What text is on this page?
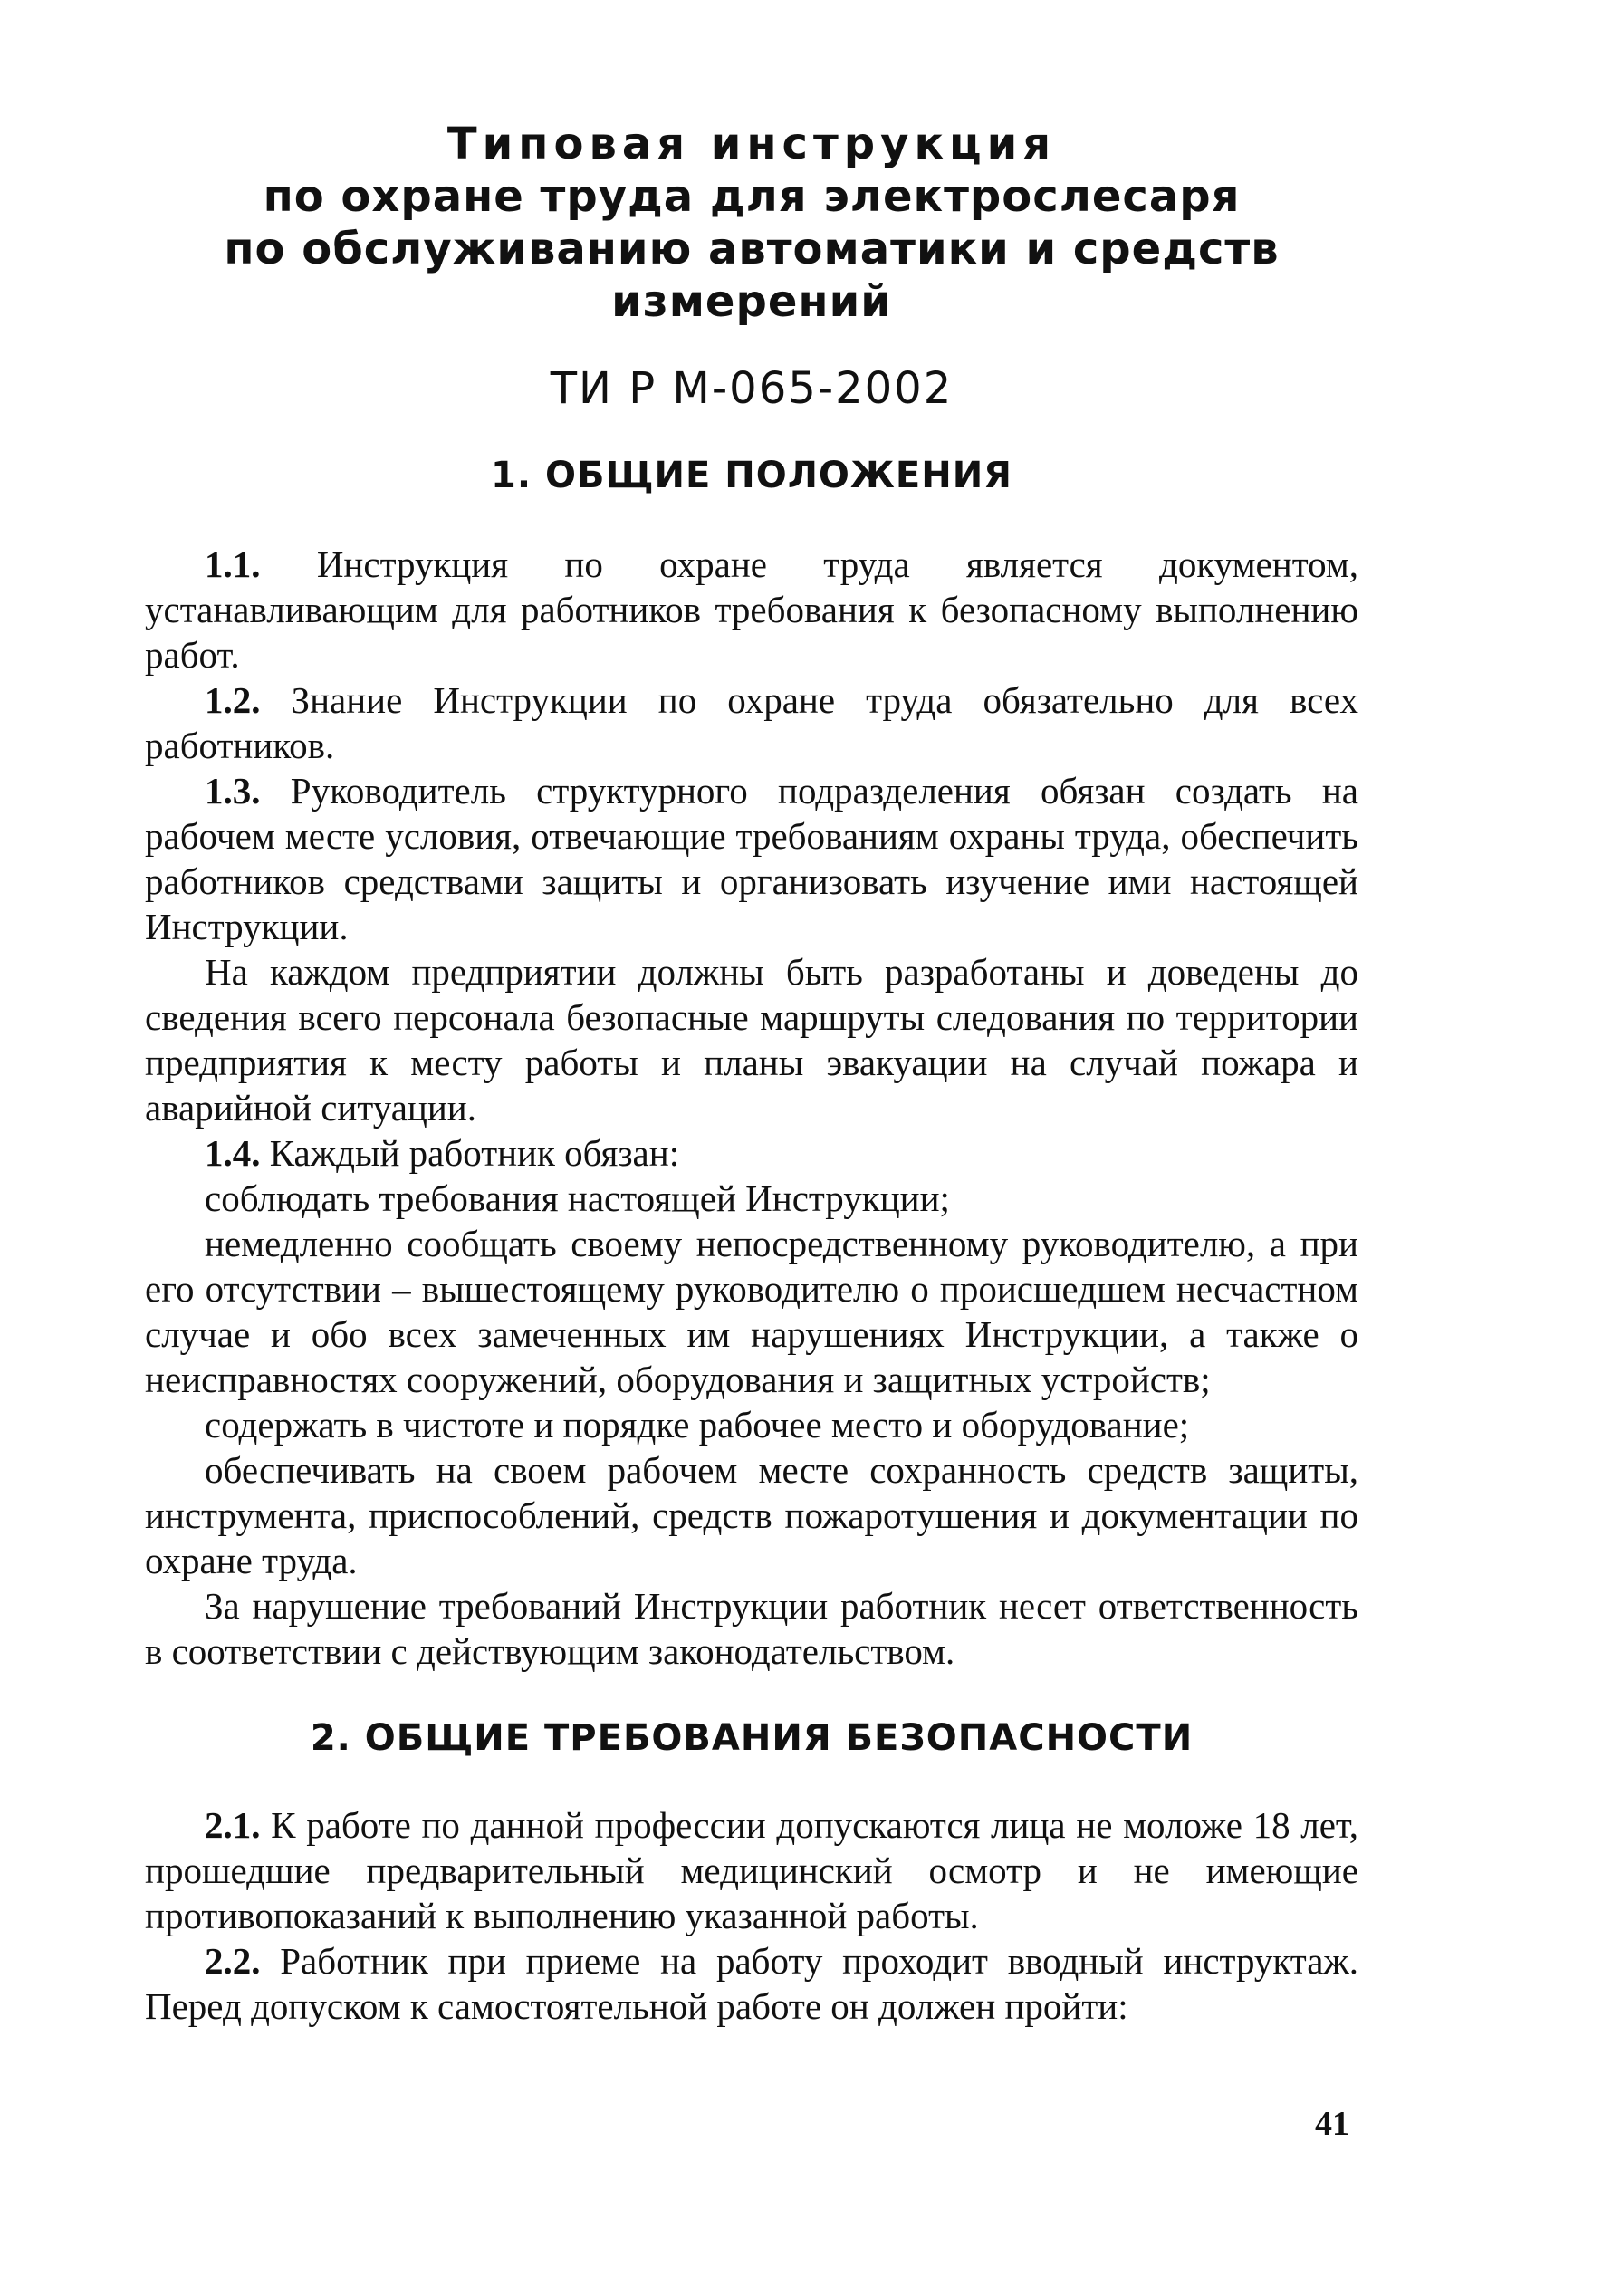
Типовая инструкция
по охране труда для электрослесаря
по обслуживанию автоматики и средств
измерений
ТИ Р М-065-2002
1. ОБЩИЕ ПОЛОЖЕНИЯ

1.1. Инструкция по охране труда является документом, устанавливающим для работников требования к безопасному выполнению работ.

1.2. Знание Инструкции по охране труда обязательно для всех работников.

1.3. Руководитель структурного подразделения обязан создать на рабочем месте условия, отвечающие требованиям охраны труда, обеспечить работников средствами защиты и организовать изучение ими настоящей Инструкции.

На каждом предприятии должны быть разработаны и доведены до сведения всего персонала безопасные маршруты следования по территории предприятия к месту работы и планы эвакуации на случай пожара и аварийной ситуации.

1.4. Каждый работник обязан:

соблюдать требования настоящей Инструкции;

немедленно сообщать своему непосредственному руководителю, а при его отсутствии – вышестоящему руководителю о происшедшем несчастном случае и обо всех замеченных им нарушениях Инструкции, а также о неисправностях сооружений, оборудования и защитных устройств;

содержать в чистоте и порядке рабочее место и оборудование;

обеспечивать на своем рабочем месте сохранность средств защиты, инструмента, приспособлений, средств пожаротушения и документации по охране труда.

За нарушение требований Инструкции работник несет ответственность в соответствии с действующим законодательством.

2. ОБЩИЕ ТРЕБОВАНИЯ БЕЗОПАСНОСТИ

2.1. К работе по данной профессии допускаются лица не моложе 18 лет, прошедшие предварительный медицинский осмотр и не имеющие противопоказаний к выполнению указанной работы.

2.2. Работник при приеме на работу проходит вводный инструктаж. Перед допуском к самостоятельной работе он должен пройти:

41
